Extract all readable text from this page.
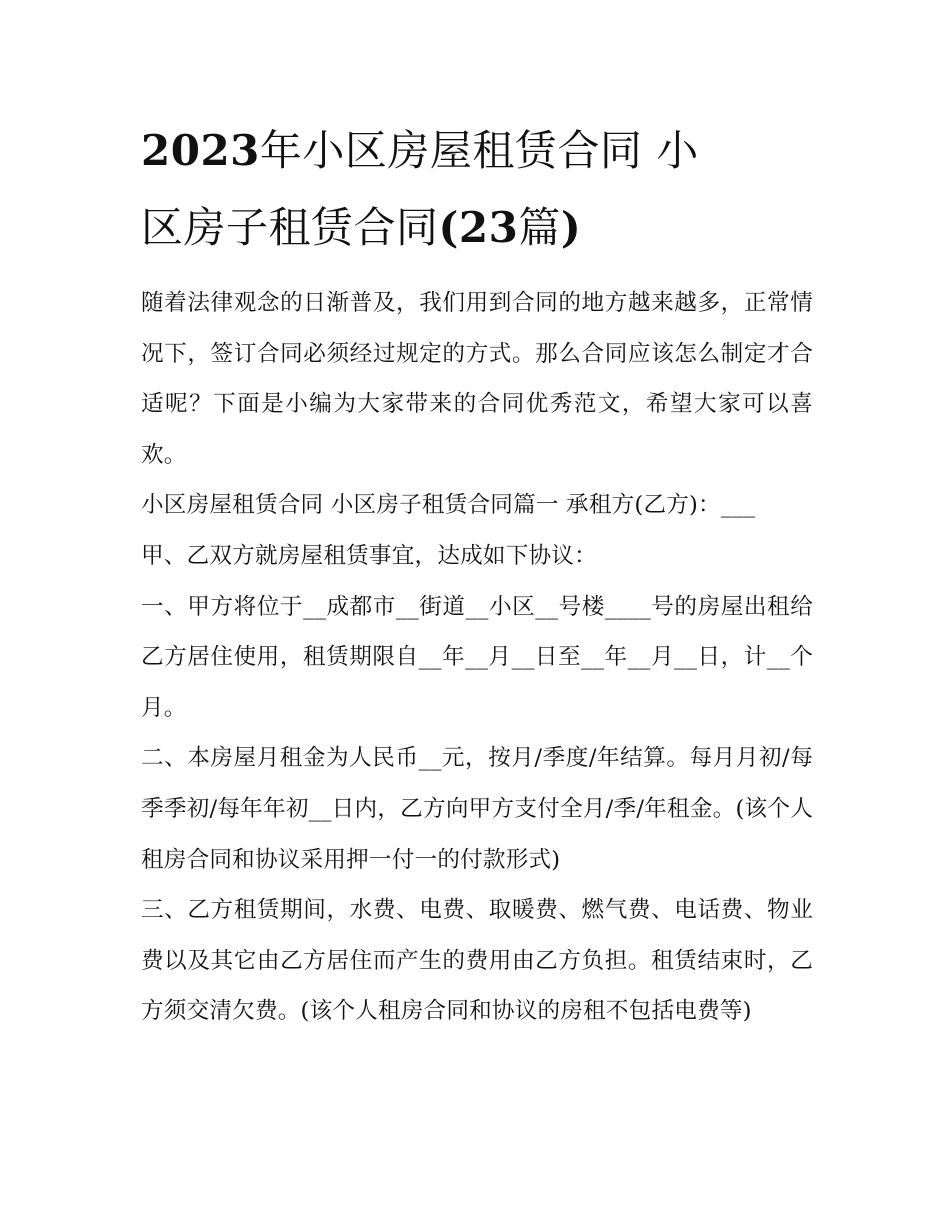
2023年小区房屋租赁合同 小
区房子租赁合同(23篇)

随着法律观念的日渐普及，我们用到合同的地方越来越多，正常情况下，签订合同必须经过规定的方式。那么合同应该怎么制定才合适呢？下面是小编为大家带来的合同优秀范文，希望大家可以喜欢。

小区房屋租赁合同 小区房子租赁合同篇一 承租方(乙方)：___

甲、乙双方就房屋租赁事宜，达成如下协议：

一、甲方将位于__成都市__街道__小区__号楼____号的房屋出租给乙方居住使用，租赁期限自__年__月__日至__年__月__日，计__个月。

二、本房屋月租金为人民币__元，按月/季度/年结算。每月月初/每季季初/每年年初__日内，乙方向甲方支付全月/季/年租金。(该个人租房合同和协议采用押一付一的付款形式)

三、乙方租赁期间，水费、电费、取暖费、燃气费、电话费、物业费以及其它由乙方居住而产生的费用由乙方负担。租赁结束时，乙方须交清欠费。(该个人租房合同和协议的房租不包括电费等)
